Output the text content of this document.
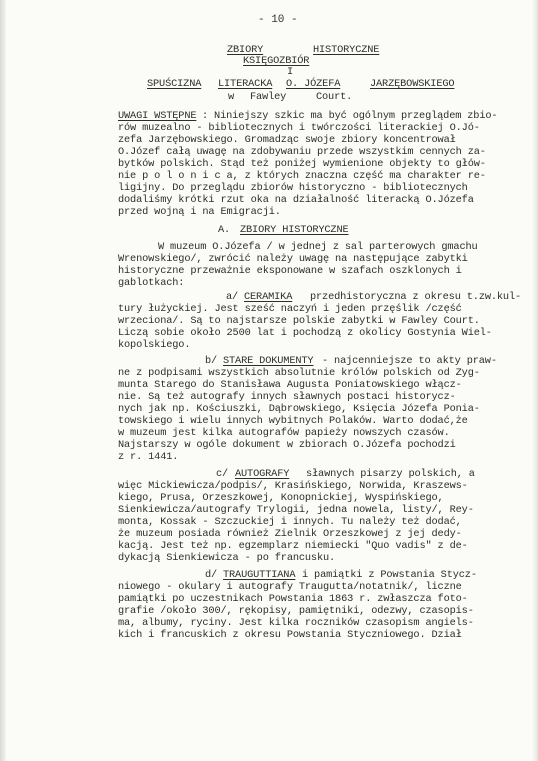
- 10 -
ZBIORY	HISTORYCZNE
KSIĘGOZBIÓR
I
SPUŚCIZNA LITERACKA O. JÓZEFA	JARZĘBOWSKIEGO
w Fawley	Court.
UWAGI WSTĘPNE : Niniejszy szkic ma być ogólnym przeglądem zbio-
rów muzealno - bibliotecznych i twórczości literackiej O.Jó-
zefa Jarzębowskiego. Gromadząc swoje zbiory koncentrował
O.Józef całą uwagę na zdobywaniu przede wszystkim cennych za-
bytków polskich. Stąd też poniżej wymienione objekty to głów-
nie p o l o n i c a, z których znaczna część ma charakter re-
ligijny. Do przeglądu zbiorów historyczno - bibliotecznych
dodaliśmy krótki rzut oka na działalność literacką O.Józefa
przed wojną i na Emigracji.
A. ZBIORY HISTORYCZNE
W muzeum O.Józefa / w jednej z sal parterowych gmachu
Wrenowskiego/, zwrócić należy uwagę na następujące zabytki
historyczne przeważnie eksponowane w szafach oszklonych i
gablotkach:
a/ CERAMIKA przedhistoryczna z okresu t.zw.kul-
tury łużyckiej. Jest sześć naczyń i jeden przęślik /część
wrzeciona/. Są to najstarsze polskie zabytki w Fawley Court.
Liczą sobie około 2500 lat i pochodzą z okolicy Gostynia Wiel-
kopolskiego.
b/ STARE DOKUMENTY - najcenniejsze to akty praw-
ne z podpisami wszystkich absolutnie królów polskich od Zyg-
munta Starego do Stanisława Augusta Poniatowskiego włącz-
nie. Są też autografy innych sławnych postaci historycz-
nych jak np. Kościuszki, Dąbrowskiego, Księcia Józefa Ponia-
towskiego i wielu innych wybitnych Polaków. Warto dodać,że
w muzeum jest kilka autografów papieży nowszych czasów.
Najstarszy w ogóle dokument w zbiorach O.Józefa pochodzi
z r. 1441.
c/ AUTOGRAFY sławnych pisarzy polskich, a
więc Mickiewicza/podpis/, Krasińskiego, Norwida, Kraszews-
kiego, Prusa, Orzeszkowej, Konopnickiej, Wyspińskiego,
Sienkiewicza/autografy Trylogii, jedna nowela, listy/, Rey-
monta, Kossak - Szczuckiej i innych. Tu należy też dodać,
że muzeum posiada również Zielnik Orzeszkowej z jej dedy-
kacją. Jest też np. egzemplarz niemiecki "Quo vadis" z de-
dykacją Sienkiewicza - po francusku.
d/ TRAUGUTTIANA i pamiątki z Powstania Stycz-
niowego - okulary i autografy Traugutta/notatnik/, liczne
pamiątki po uczestnikach Powstania 1863 r. zwłaszcza foto-
grafie /około 300/, rękopisy, pamiętniki, odezwy, czasopis-
ma, albumy, ryciny. Jest kilka roczników czasopism angiels-
kich i francuskich z okresu Powstania Styczniowego. Dział
